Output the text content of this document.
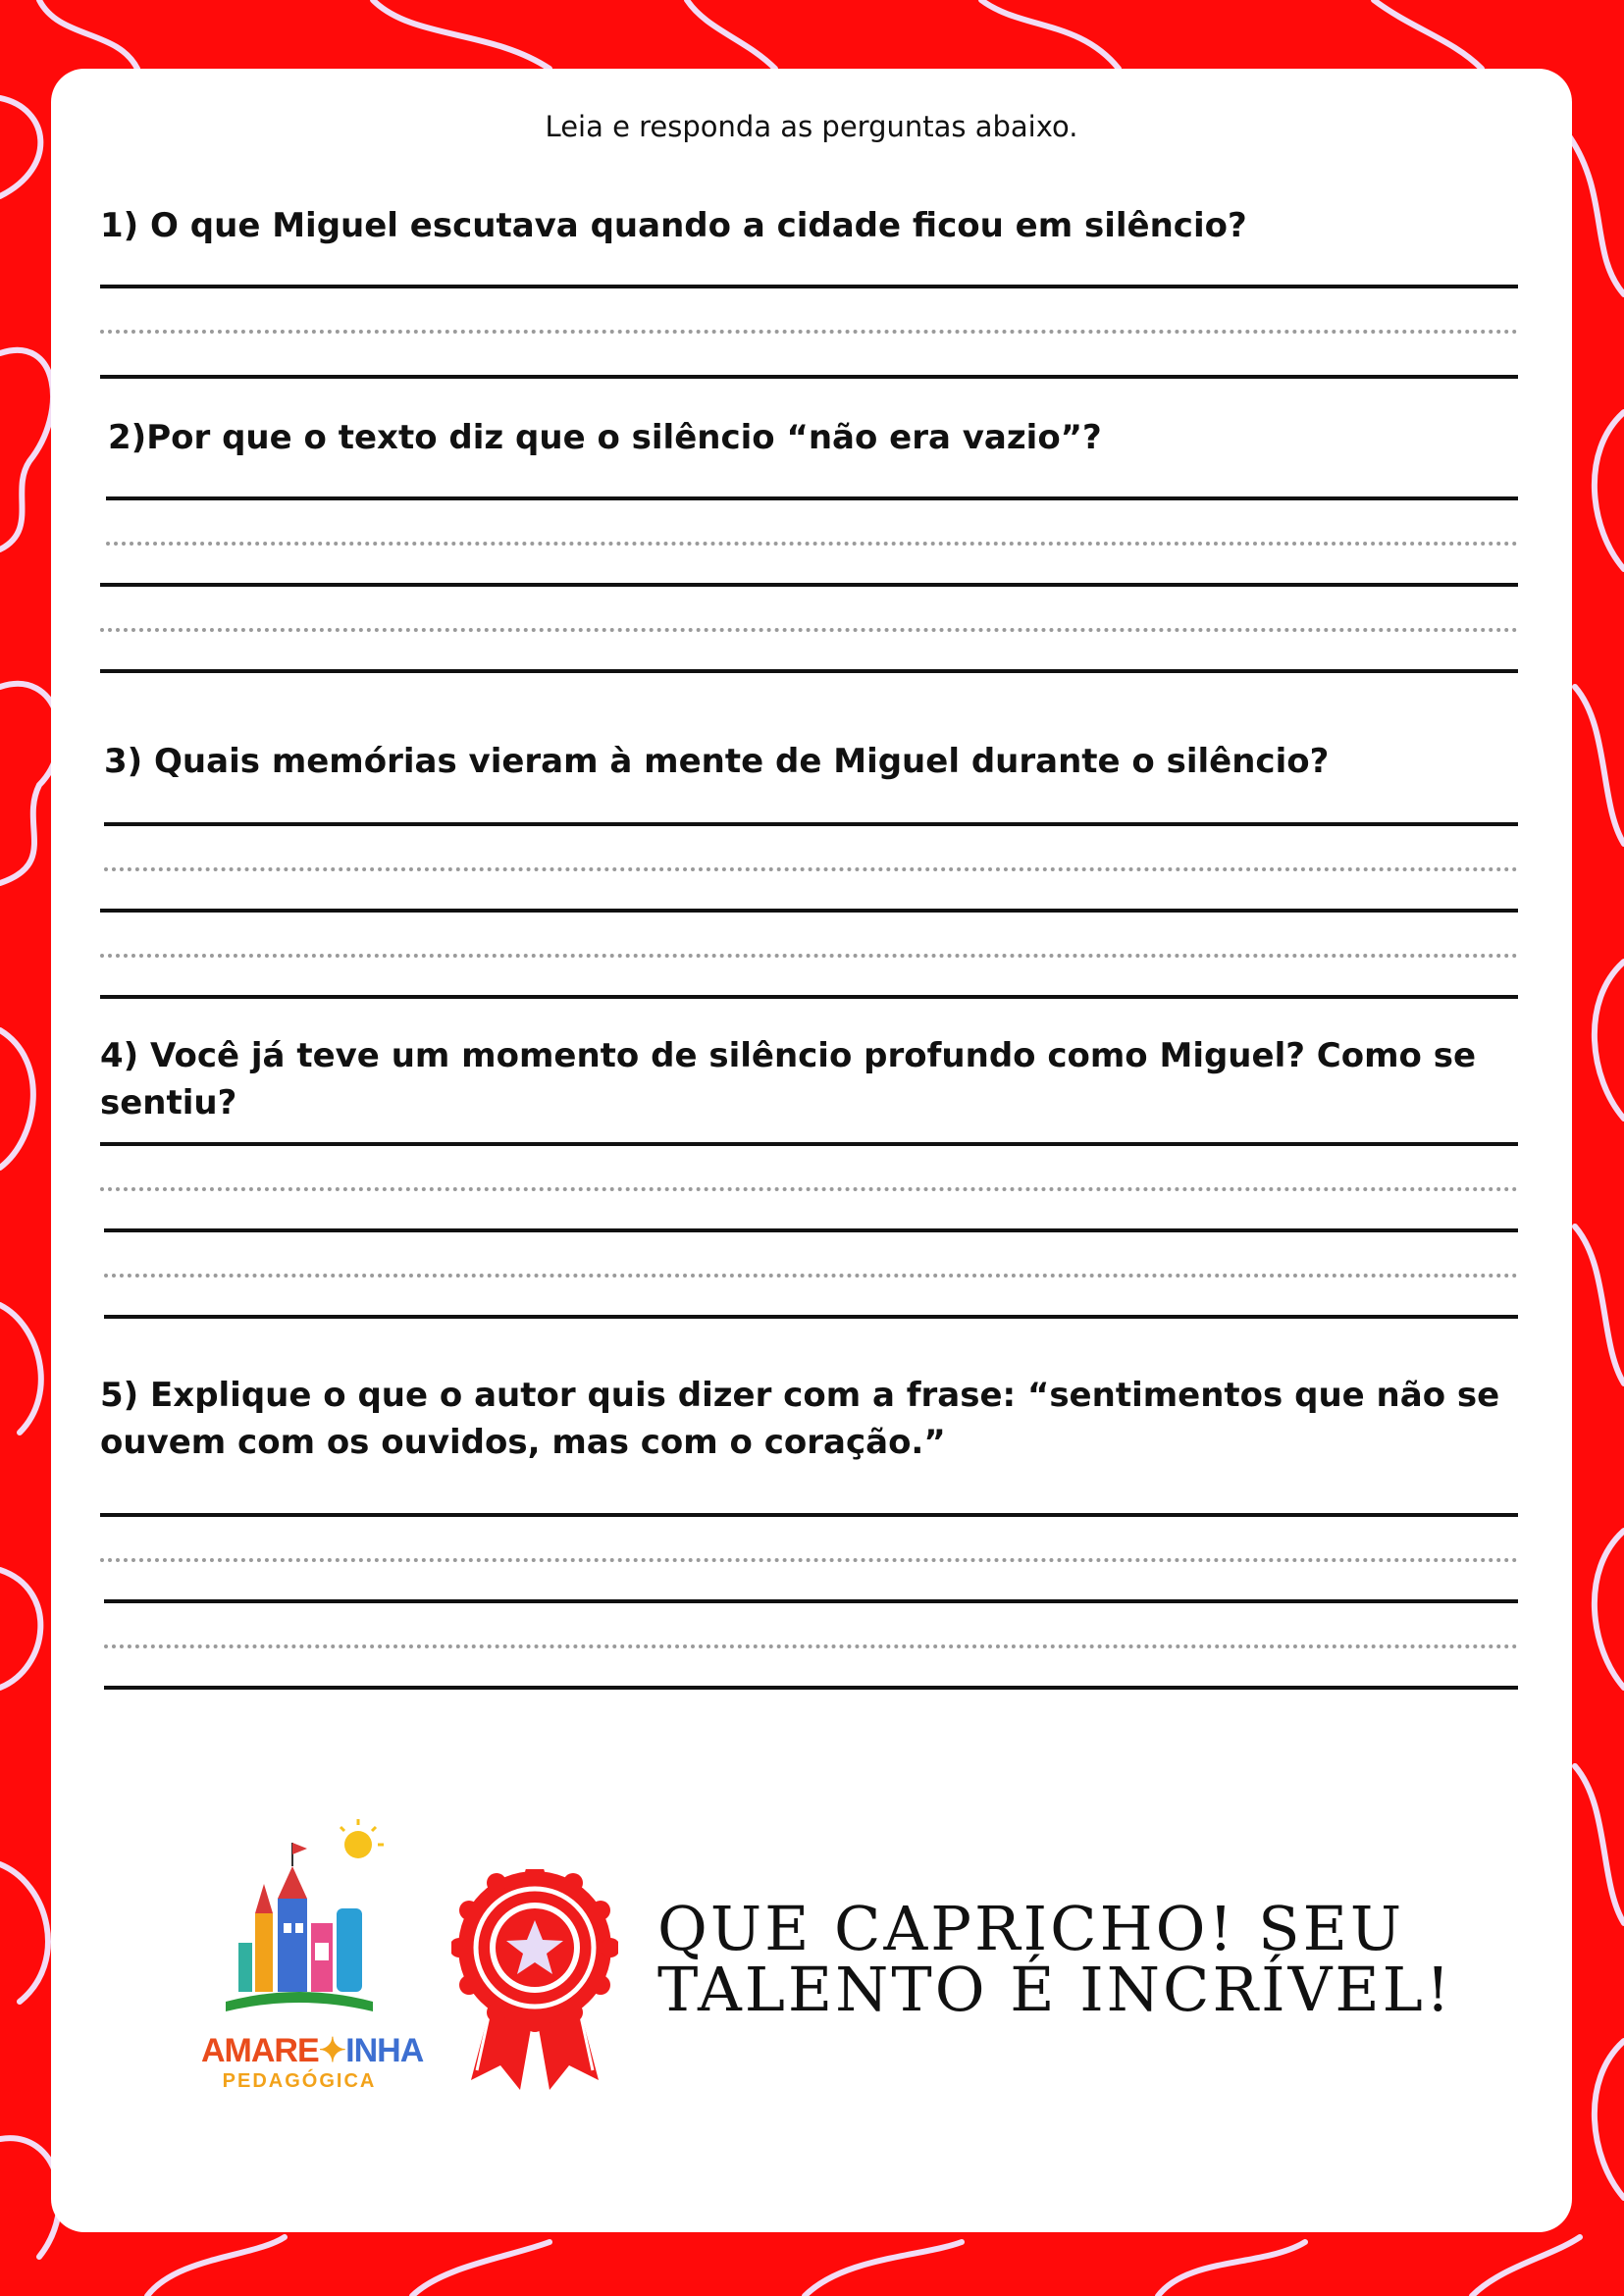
Leia e responda as perguntas abaixo.
1) O que Miguel escutava quando a cidade ficou em silêncio?
2)Por que o texto diz que o silêncio “não era vazio”?
3) Quais memórias vieram à mente de Miguel durante o silêncio?
4) Você já teve um momento de silêncio profundo como Miguel? Como se sentiu?
5) Explique o que o autor quis dizer com a frase: “sentimentos que não se ouvem com os ouvidos, mas com o coração.”
AMARE✦INHA
PEDAGÓGICA
QUE CAPRICHO! SEU
TALENTO É INCRÍVEL!
